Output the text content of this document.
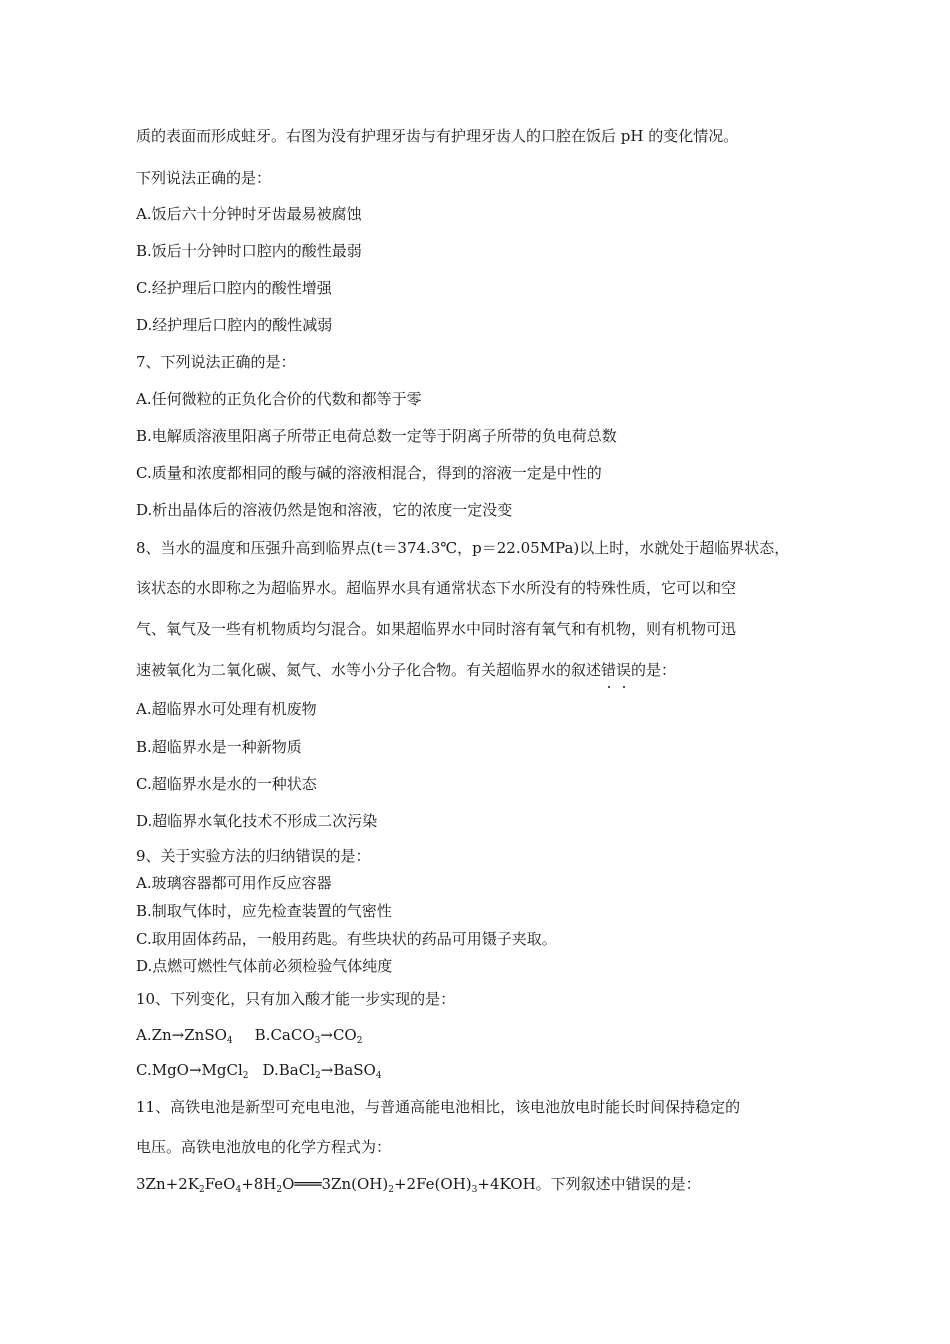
质的表面而形成蛀牙。右图为没有护理牙齿与有护理牙齿人的口腔在饭后 pH 的变化情况。
下列说法正确的是：
A.饭后六十分钟时牙齿最易被腐蚀
B.饭后十分钟时口腔内的酸性最弱
C.经护理后口腔内的酸性增强
D.经护理后口腔内的酸性减弱
7、下列说法正确的是：
A.任何微粒的正负化合价的代数和都等于零
B.电解质溶液里阳离子所带正电荷总数一定等于阴离子所带的负电荷总数
C.质量和浓度都相同的酸与碱的溶液相混合，得到的溶液一定是中性的
D.析出晶体后的溶液仍然是饱和溶液，它的浓度一定没变
8、当水的温度和压强升高到临界点(t＝374.3℃，p＝22.05MPa)以上时，水就处于超临界状态，
该状态的水即称之为超临界水。超临界水具有通常状态下水所没有的特殊性质，它可以和空
气、氧气及一些有机物质均匀混合。如果超临界水中同时溶有氧气和有机物，则有机物可迅
速被氧化为二氧化碳、氮气、水等小分子化合物。有关超临界水的叙述错误的是：
A.超临界水可处理有机废物
B.超临界水是一种新物质
C.超临界水是水的一种状态
D.超临界水氧化技术不形成二次污染
9、关于实验方法的归纳错误的是：
A.玻璃容器都可用作反应容器
B.制取气体时，应先检查装置的气密性
C.取用固体药品，一般用药匙。有些块状的药品可用镊子夹取。
D.点燃可燃性气体前必须检验气体纯度
10、下列变化，只有加入酸才能一步实现的是：
A.Zn→ZnSO$_4$ $B.CaCO_3\to CO_2$
C.MgO→MgCl$_2$ D.BaCl$_2$→BaSO$_4$
11、高铁电池是新型可充电电池，与普通高能电池相比，该电池放电时能长时间保持稳定的
电压。高铁电池放电的化学方程式为：
$3Zn+2K_2FeO_4+8H_2O═══3Zn(OH)_2+2Fe(OH)_3+4KOH$。下列叙述中错误的是：
